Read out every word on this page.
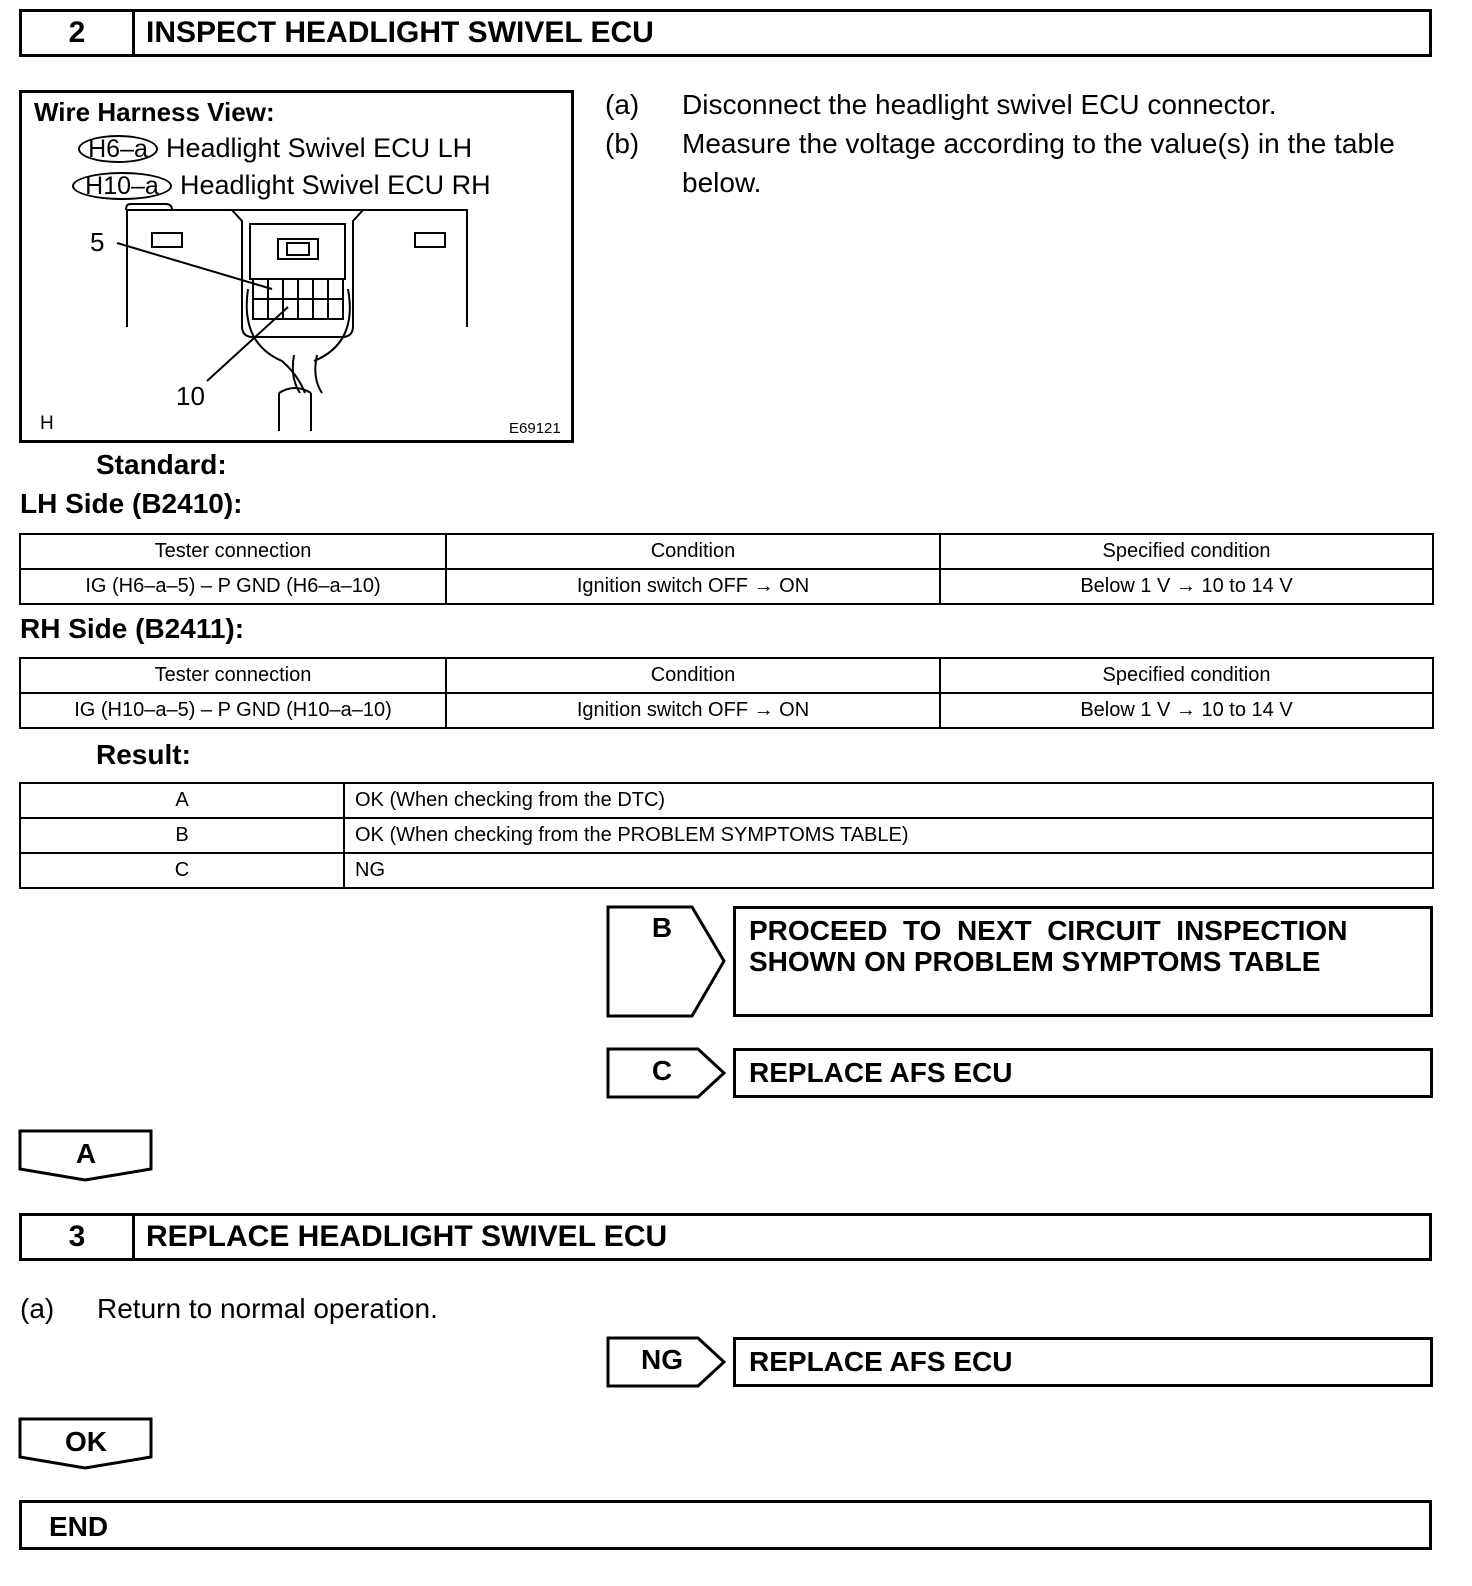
2	INSPECT HEADLIGHT SWIVEL ECU
Wire Harness View:
H6–a Headlight Swivel ECU LH
H10–a Headlight Swivel ECU RH
5
10
H	E69121
(a) Disconnect the headlight swivel ECU connector.
(b) Measure the voltage according to the value(s) in the table
below.
Standard:
LH Side (B2410):
Tester connection	Condition	Specified condition
IG (H6–a–5) – P GND (H6–a–10)	Ignition switch OFF → ON	Below 1 V → 10 to 14 V
RH Side (B2411):
Tester connection	Condition	Specified condition
IG (H10–a–5) – P GND (H10–a–10)	Ignition switch OFF → ON	Below 1 V → 10 to 14 V
Result:
A	OK (When checking from the DTC)
B	OK (When checking from the PROBLEM SYMPTOMS TABLE)
C	NG
B	PROCEED  TO  NEXT  CIRCUIT  INSPECTION
SHOWN ON PROBLEM SYMPTOMS TABLE
C	REPLACE AFS ECU
A
3	REPLACE HEADLIGHT SWIVEL ECU
(a) Return to normal operation.
NG	REPLACE AFS ECU
OK
END
